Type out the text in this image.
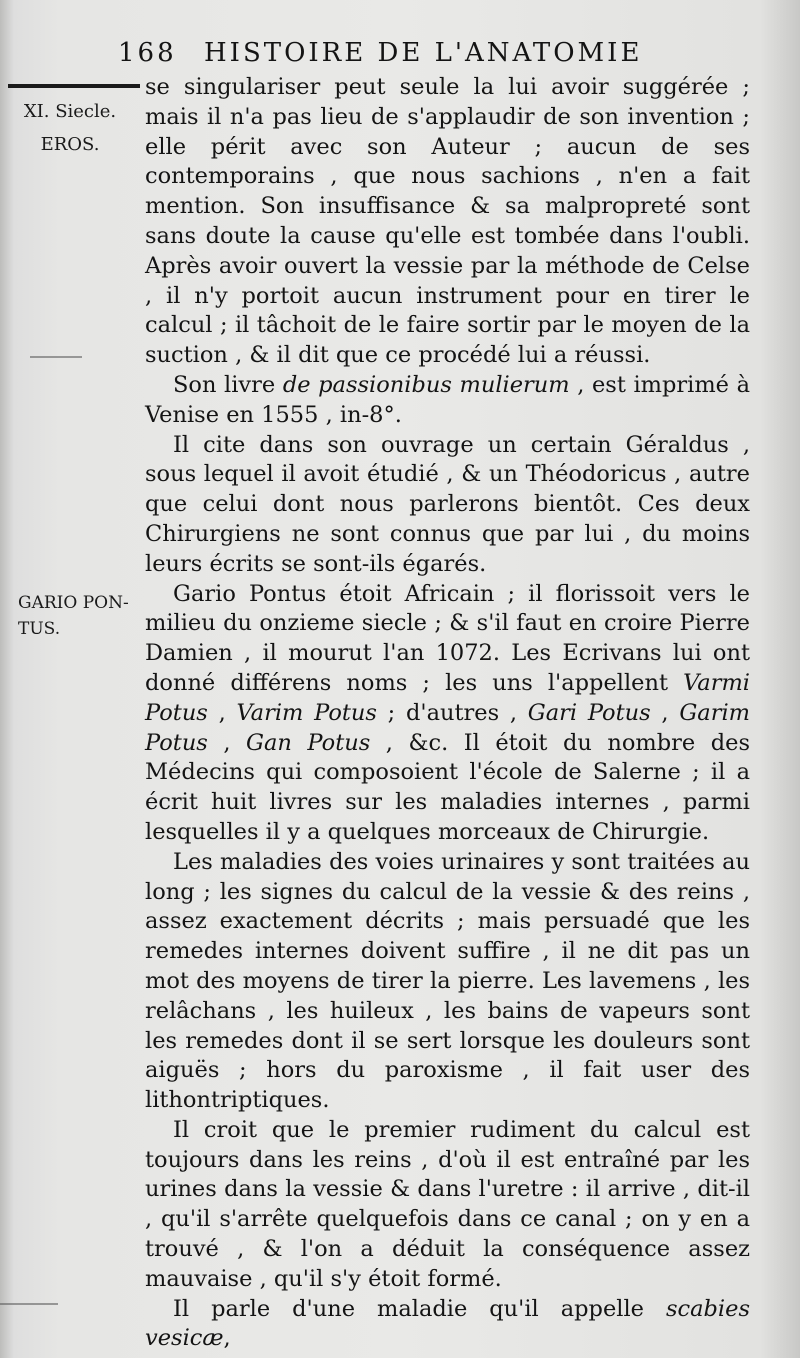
168 HISTOIRE DE L'ANATOMIE
XI. Siecle.
EROS.
GARIO PON-
TUS.

se singulariser peut seule la lui avoir suggérée ; mais il n'a pas lieu de s'applaudir de son invention ; elle périt avec son Auteur ; aucun de ses contemporains , que nous sachions , n'en a fait mention. Son insuffisance & sa malpropreté sont sans doute la cause qu'elle est tombée dans l'oubli. Après avoir ouvert la vessie par la méthode de Celse , il n'y portoit aucun instrument pour en tirer le calcul ; il tâchoit de le faire sortir par le moyen de la suction , & il dit que ce procédé lui a réussi.

Son livre de passionibus mulierum , est imprimé à Venise en 1555 , in-8°.

Il cite dans son ouvrage un certain Géraldus , sous lequel il avoit étudié , & un Théodoricus , autre que celui dont nous parlerons bientôt. Ces deux Chirurgiens ne sont connus que par lui , du moins leurs écrits se sont-ils égarés.

Gario Pontus étoit Africain ; il florissoit vers le milieu du onzieme siecle ; & s'il faut en croire Pierre Damien , il mourut l'an 1072. Les Ecrivans lui ont donné différens noms ; les uns l'appellent Varmi Potus , Varim Potus ; d'autres , Gari Potus , Garim Potus , Gan Potus , &c. Il étoit du nombre des Médecins qui composoient l'école de Salerne ; il a écrit huit livres sur les maladies internes , parmi lesquelles il y a quelques morceaux de Chirurgie.

Les maladies des voies urinaires y sont traitées au long ; les signes du calcul de la vessie & des reins , assez exactement décrits ; mais persuadé que les remedes internes doivent suffire , il ne dit pas un mot des moyens de tirer la pierre. Les lavemens , les relâchans , les huileux , les bains de vapeurs sont les remedes dont il se sert lorsque les douleurs sont aiguës ; hors du paroxisme , il fait user des lithontriptiques.

Il croit que le premier rudiment du calcul est toujours dans les reins , d'où il est entraîné par les urines dans la vessie & dans l'uretre : il arrive , dit-il , qu'il s'arrête quelquefois dans ce canal ; on y en a trouvé , & l'on a déduit la conséquence assez mauvaise , qu'il s'y étoit formé.

Il parle d'une maladie qu'il appelle scabies vesicæ,
